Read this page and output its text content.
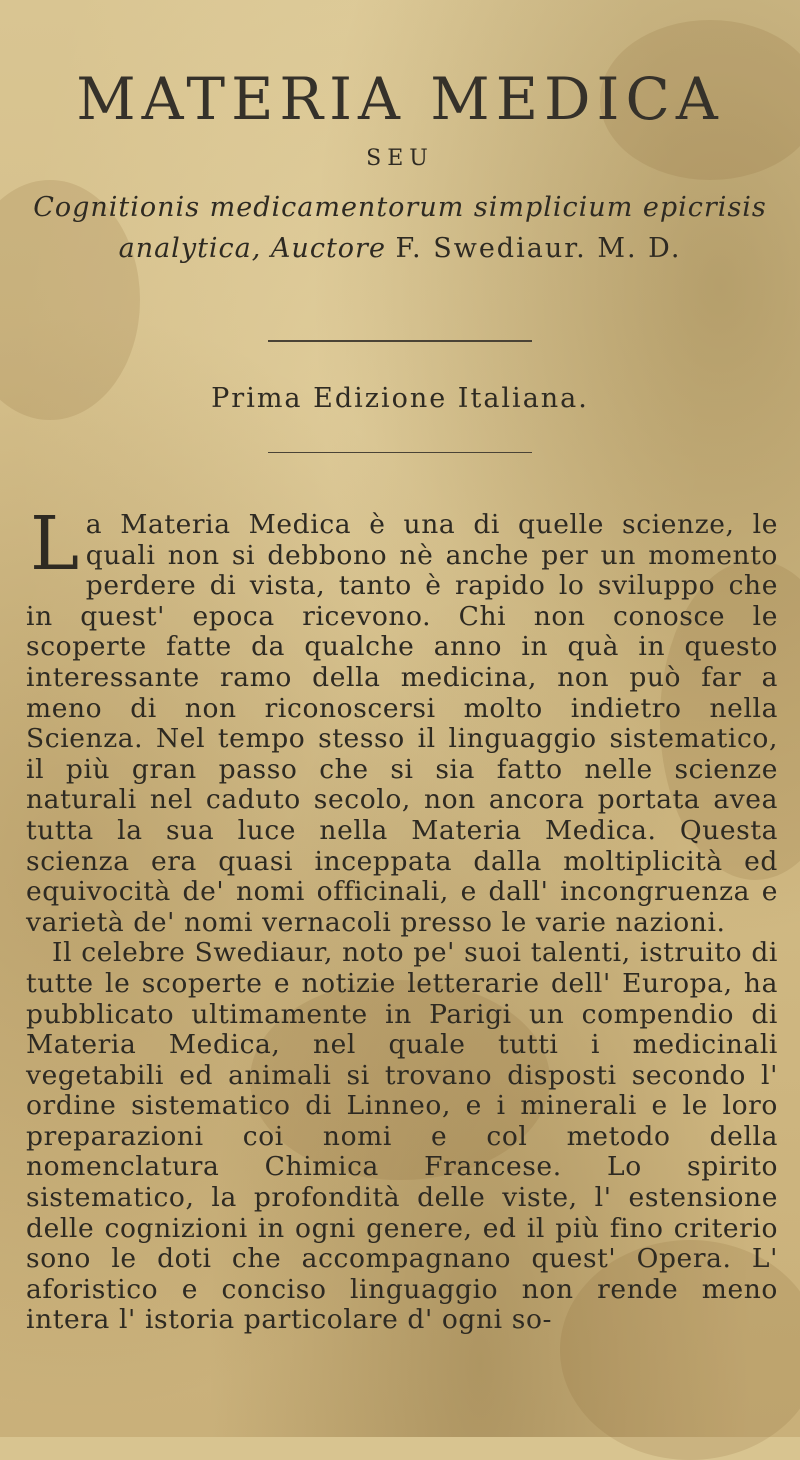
MATERIA MEDICA
SEU
Cognitionis medicamentorum simplicium epicrisis
analytica, Auctore F. Swediaur. M. D.
Prima Edizione Italiana.

La Materia Medica è una di quelle scienze, le quali non si debbono nè anche per un momento perdere di vista, tanto è rapido lo sviluppo che in quest' epoca ricevono. Chi non conosce le scoperte fatte da qualche anno in quà in questo interessante ramo della medicina, non può far a meno di non riconoscersi molto indietro nella Scienza. Nel tempo stesso il linguaggio sistematico, il più gran passo che si sia fatto nelle scienze naturali nel caduto secolo, non ancora portata avea tutta la sua luce nella Materia Medica. Questa scienza era quasi inceppata dalla moltiplicità ed equivocità de' nomi officinali, e dall' incongruenza e varietà de' nomi vernacoli presso le varie nazioni.

Il celebre Swediaur, noto pe' suoi talenti, istruito di tutte le scoperte e notizie letterarie dell' Europa, ha pubblicato ultimamente in Parigi un compendio di Materia Medica, nel quale tutti i medicinali vegetabili ed animali si trovano disposti secondo l' ordine sistematico di Linneo, e i minerali e le loro preparazioni coi nomi e col metodo della nomenclatura Chimica Francese. Lo spirito sistematico, la profondità delle viste, l' estensione delle cognizioni in ogni genere, ed il più fino criterio sono le doti che accompagnano quest' Opera. L' aforistico e conciso linguaggio non rende meno intera l' istoria particolare d' ogni so-
